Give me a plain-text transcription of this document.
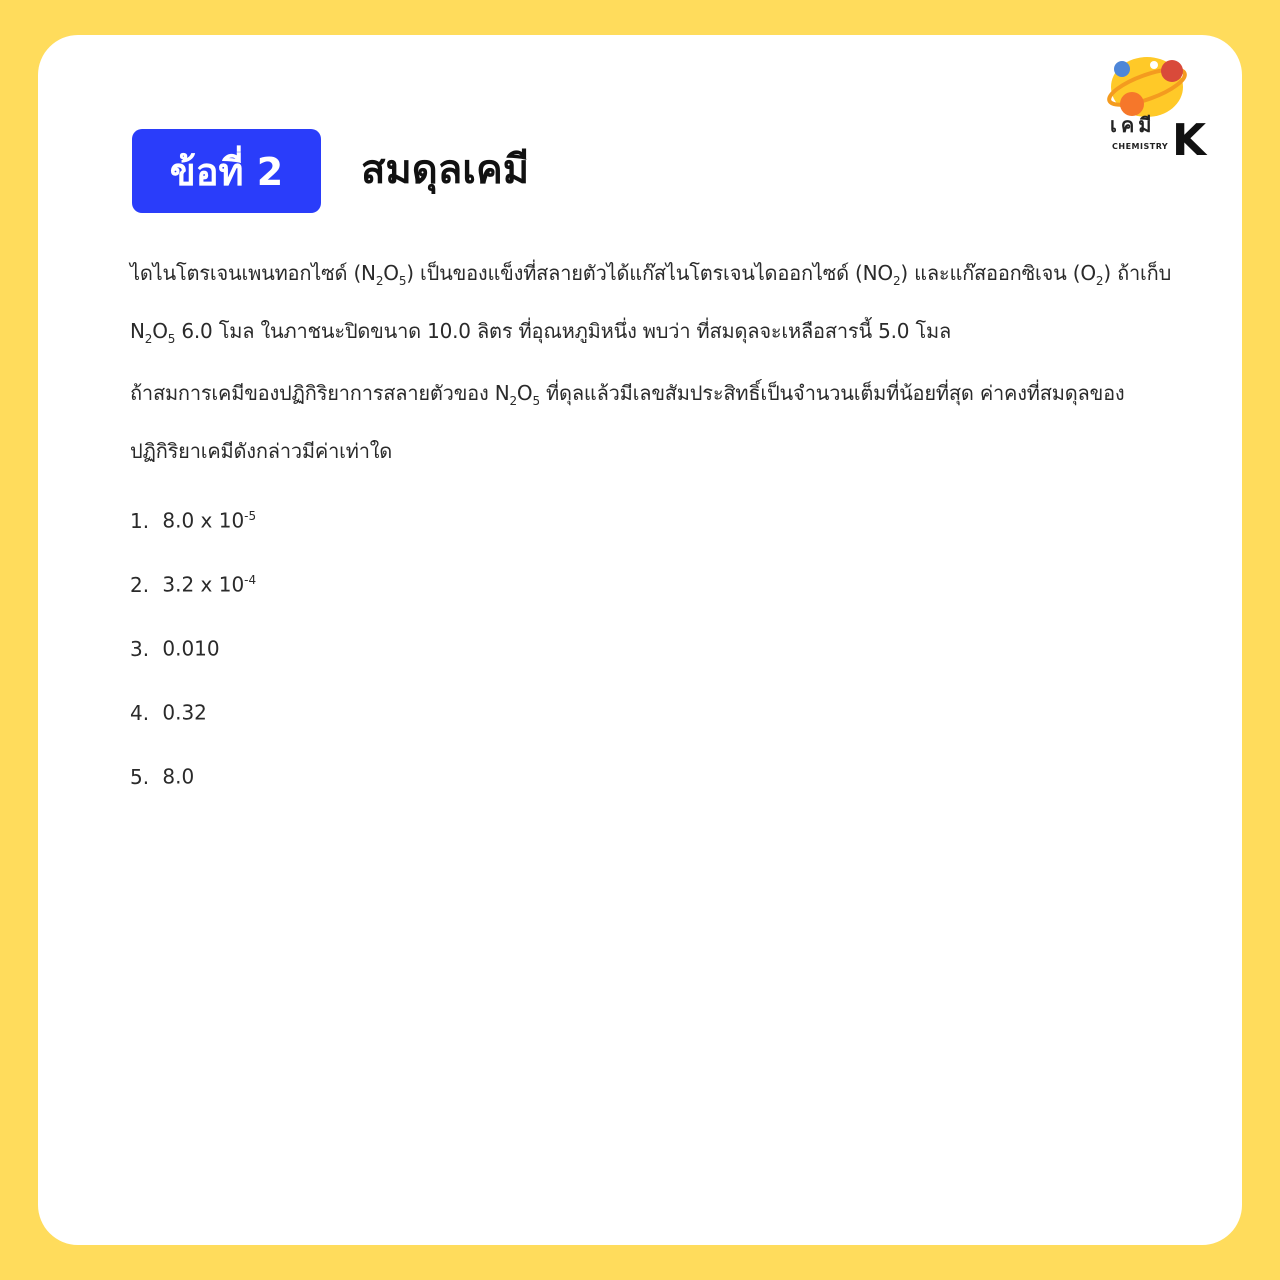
ข้อที่ 2 สมดุลเคมี
เคมี
CHEMISTRY K

ไดไนโตรเจนเพนทอกไซด์ $(N_2O_5)$ เป็นของแข็งที่สลายตัวได้แก๊สไนโตรเจนไดออกไซด์ $(NO_2)$ และแก๊สออกซิเจน $(O_2)$ ถ้าเก็บ $N_2O_5$ 6.0 โมล ในภาชนะปิดขนาด 10.0 ลิตร ที่อุณหภูมิหนึ่ง พบว่า ที่สมดุลจะเหลือสารนี้ 5.0 โมล

ถ้าสมการเคมีของปฏิกิริยาการสลายตัวของ $N_2O_5$ ที่ดุลแล้วมีเลขสัมประสิทธิ์เป็นจำนวนเต็มที่น้อยที่สุด ค่าคงที่สมดุลของปฏิกิริยาเคมีดังกล่าวมีค่าเท่าใด

1. 8.0 x $10^{-5}$
2. 3.2 x $10^{-4}$
3. 0.010
4. 0.32
5. 8.0
